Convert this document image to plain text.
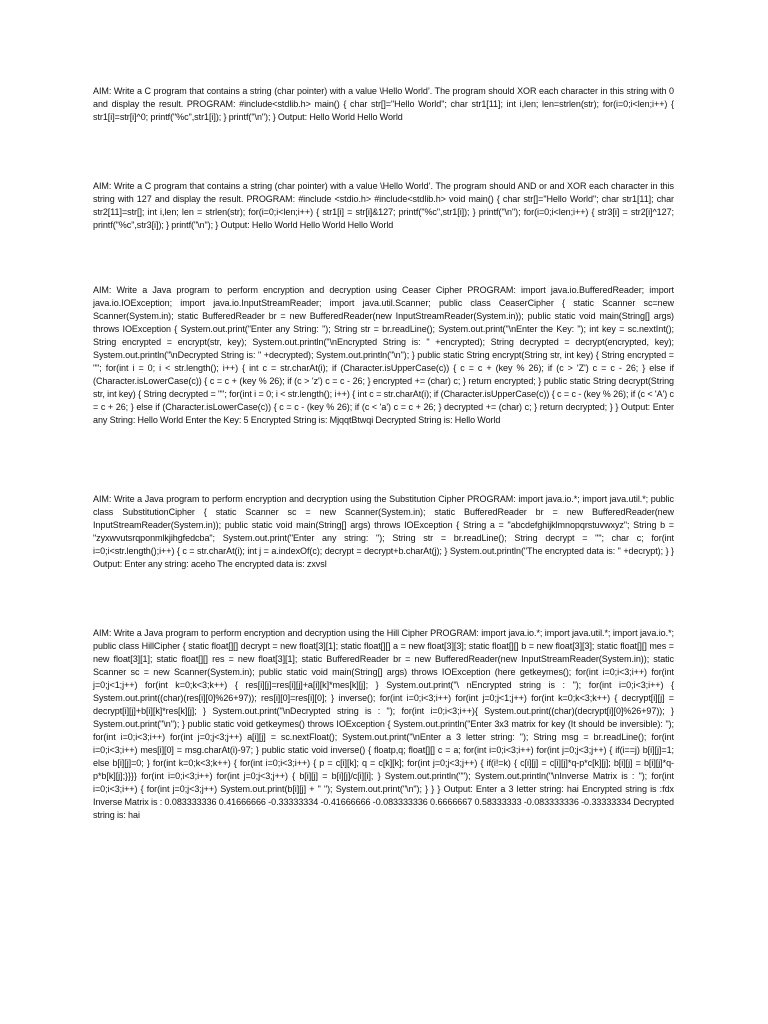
AIM: Write a C program that contains a string (char pointer) with a value \Hello World’. The program should XOR each character in this string with 0 and display the result. PROGRAM: #include<stdlib.h> main() { char str[]="Hello World"; char str1[11]; int i,len; len=strlen(str); for(i=0;i<len;i++) { str1[i]=str[i]^0; printf("%c",str1[i]); } printf("\n"); } Output: Hello World Hello World

AIM: Write a C program that contains a string (char pointer) with a value \Hello World’. The program should AND or and XOR each character in this string with 127 and display the result. PROGRAM: #include <stdio.h> #include<stdlib.h> void main() { char str[]="Hello World"; char str1[11]; char str2[11]=str[]; int i,len; len = strlen(str); for(i=0;i<len;i++) { str1[i] = str[i]&127; printf("%c",str1[i]); } printf("\n"); for(i=0;i<len;i++) { str3[i] = str2[i]^127; printf("%c",str3[i]); } printf("\n"); } Output: Hello World Hello World Hello World

AIM: Write a Java program to perform encryption and decryption using Ceaser Cipher PROGRAM: import java.io.BufferedReader; import java.io.IOException; import java.io.InputStreamReader; import java.util.Scanner; public class CeaserCipher { static Scanner sc=new Scanner(System.in); static BufferedReader br = new BufferedReader(new InputStreamReader(System.in)); public static void main(String[] args) throws IOException { System.out.print("Enter any String: "); String str = br.readLine(); System.out.print("\nEnter the Key: "); int key = sc.nextInt(); String encrypted = encrypt(str, key); System.out.println("\nEncrypted String is: " +encrypted); String decrypted = decrypt(encrypted, key); System.out.println("\nDecrypted String is: " +decrypted); System.out.println("\n"); } public static String encrypt(String str, int key) { String encrypted = ""; for(int i = 0; i < str.length(); i++) { int c = str.charAt(i); if (Character.isUpperCase(c)) { c = c + (key % 26); if (c > 'Z') c = c - 26; } else if (Character.isLowerCase(c)) { c = c + (key % 26); if (c > 'z') c = c - 26; } encrypted += (char) c; } return encrypted; } public static String decrypt(String str, int key) { String decrypted = ""; for(int i = 0; i < str.length(); i++) { int c = str.charAt(i); if (Character.isUpperCase(c)) { c = c - (key % 26); if (c < 'A') c = c + 26; } else if (Character.isLowerCase(c)) { c = c - (key % 26); if (c < 'a') c = c + 26; } decrypted += (char) c; } return decrypted; } } Output: Enter any String: Hello World Enter the Key: 5 Encrypted String is: MjqqtBtwqi Decrypted String is: Hello World

AIM: Write a Java program to perform encryption and decryption using the Substitution Cipher PROGRAM: import java.io.*; import java.util.*; public class SubstitutionCipher { static Scanner sc = new Scanner(System.in); static BufferedReader br = new BufferedReader(new InputStreamReader(System.in)); public static void main(String[] args) throws IOException { String a = "abcdefghijklmnopqrstuvwxyz"; String b = "zyxwvutsrqponmlkjihgfedcba"; System.out.print("Enter any string: "); String str = br.readLine(); String decrypt = ""; char c; for(int i=0;i<str.length();i++) { c = str.charAt(i); int j = a.indexOf(c); decrypt = decrypt+b.charAt(j); } System.out.println("The encrypted data is: " +decrypt); } } Output: Enter any string: aceho The encrypted data is: zxvsl

AIM: Write a Java program to perform encryption and decryption using the Hill Cipher PROGRAM: import java.io.*; import java.util.*; import java.io.*; public class HillCipher { static float[][] decrypt = new float[3][1]; static float[][] a = new float[3][3]; static float[][] b = new float[3][3]; static float[][] mes = new float[3][1]; static float[][] res = new float[3][1]; static BufferedReader br = new BufferedReader(new InputStreamReader(System.in)); static Scanner sc = new Scanner(System.in); public static void main(String[] args) throws IOException (here getkeymes(); for(int i=0;i<3;i++) for(int j=0;j<1;j++) for(int k=0;k<3;k++) { res[i][j]=res[i][j]+a[i][k]*mes[k][j]; } System.out.print("\ nEncrypted string is : "); for(int i=0;i<3;i++) { System.out.print((char)(res[i][0]%26+97)); res[i][0]=res[i][0]; } inverse(); for(int i=0;i<3;i++) for(int j=0;j<1;j++) for(int k=0;k<3;k++) { decrypt[i][j] = decrypt[i][j]+b[i][k]*res[k][j]; } System.out.print("\nDecrypted string is : "); for(int i=0;i<3;i++){ System.out.print((char)(decrypt[i][0]%26+97)); } System.out.print("\n"); } public static void getkeymes() throws IOException { System.out.println("Enter 3x3 matrix for key (It should be inversible): "); for(int i=0;i<3;i++) for(int j=0;j<3;j++) a[i][j] = sc.nextFloat(); System.out.print("\nEnter a 3 letter string: "); String msg = br.readLine(); for(int i=0;i<3;i++) mes[i][0] = msg.charAt(i)-97; } public static void inverse() { floatp,q; float[][] c = a; for(int i=0;i<3;i++) for(int j=0;j<3;j++) { if(i==j) b[i][j]=1; else b[i][j]=0; } for(int k=0;k<3;k++) { for(int i=0;i<3;i++) { p = c[i][k]; q = c[k][k]; for(int j=0;j<3;j++) { if(i!=k) { c[i][j] = c[i][j]*q-p*c[k][j]; b[i][j] = b[i][j]*q-p*b[k][j];}}}} for(int i=0;i<3;i++) for(int j=0;j<3;j++) { b[i][j] = b[i][j]/c[i][i]; } System.out.println(""); System.out.println("\nInverse Matrix is : "); for(int i=0;i<3;i++) { for(int j=0;j<3;j++) System.out.print(b[i][j] + " "); System.out.print("\n"); } } } Output: Enter a 3 letter string: hai Encrypted string is :fdx Inverse Matrix is : 0.083333336 0.41666666 -0.33333334 -0.41666666 -0.083333336 0.6666667 0.58333333 -0.083333336 -0.33333334 Decrypted string is: hai
